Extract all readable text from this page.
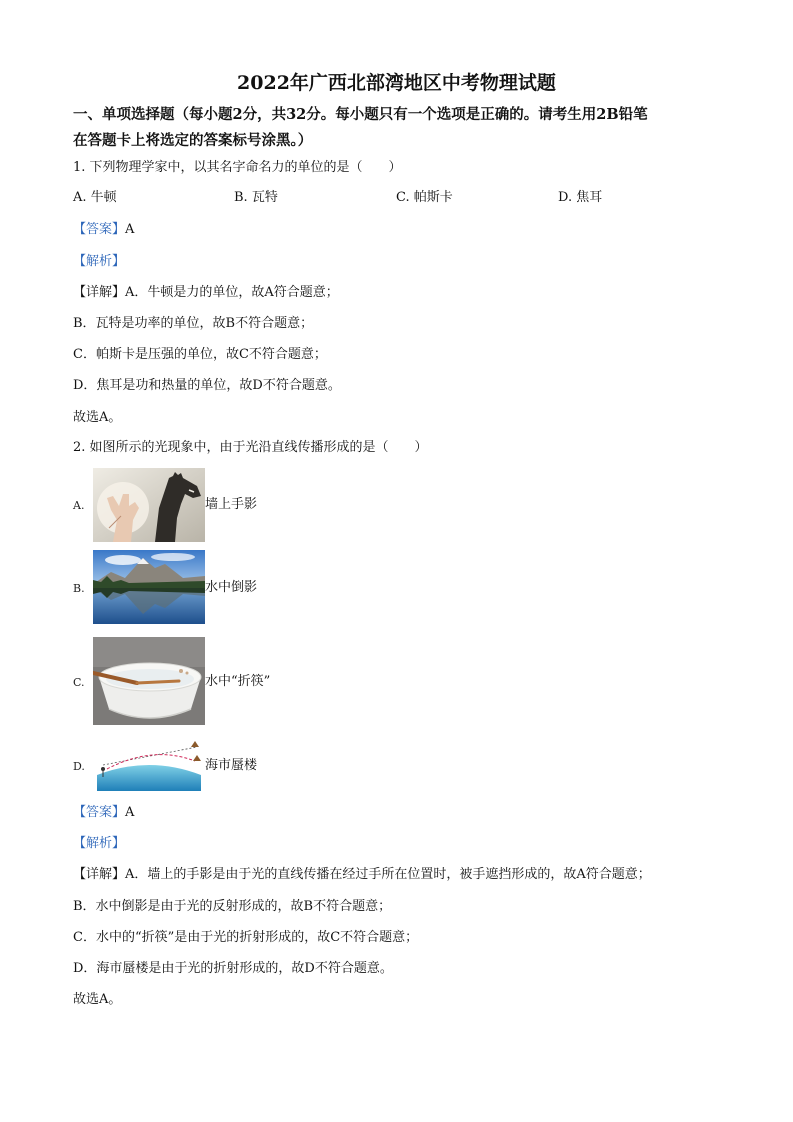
2022年广西北部湾地区中考物理试题
一、单项选择题（每小题2分，共32分。每小题只有一个选项是正确的。请考生用2B铅笔
在答题卡上将选定的答案标号涂黑。）
1. 下列物理学家中，以其名字命名力的单位的是（　　）
A. 牛顿	B. 瓦特	C. 帕斯卡	D. 焦耳
【答案】A
【解析】
【详解】A．牛顿是力的单位，故A符合题意；
B．瓦特是功率的单位，故B不符合题意；
C．帕斯卡是压强的单位，故C不符合题意；
D．焦耳是功和热量的单位，故D不符合题意。
故选A。
2. 如图所示的光现象中，由于光沿直线传播形成的是（　　）
A.	墙上手影
B.	水中倒影
C.	水中“折筷”
D.	海市蜃楼
【答案】A
【解析】
【详解】A．墙上的手影是由于光的直线传播在经过手所在位置时，被手遮挡形成的，故A符合题意；
B．水中倒影是由于光的反射形成的，故B不符合题意；
C．水中的“折筷”是由于光的折射形成的，故C不符合题意；
D．海市蜃楼是由于光的折射形成的，故D不符合题意。
故选A。
